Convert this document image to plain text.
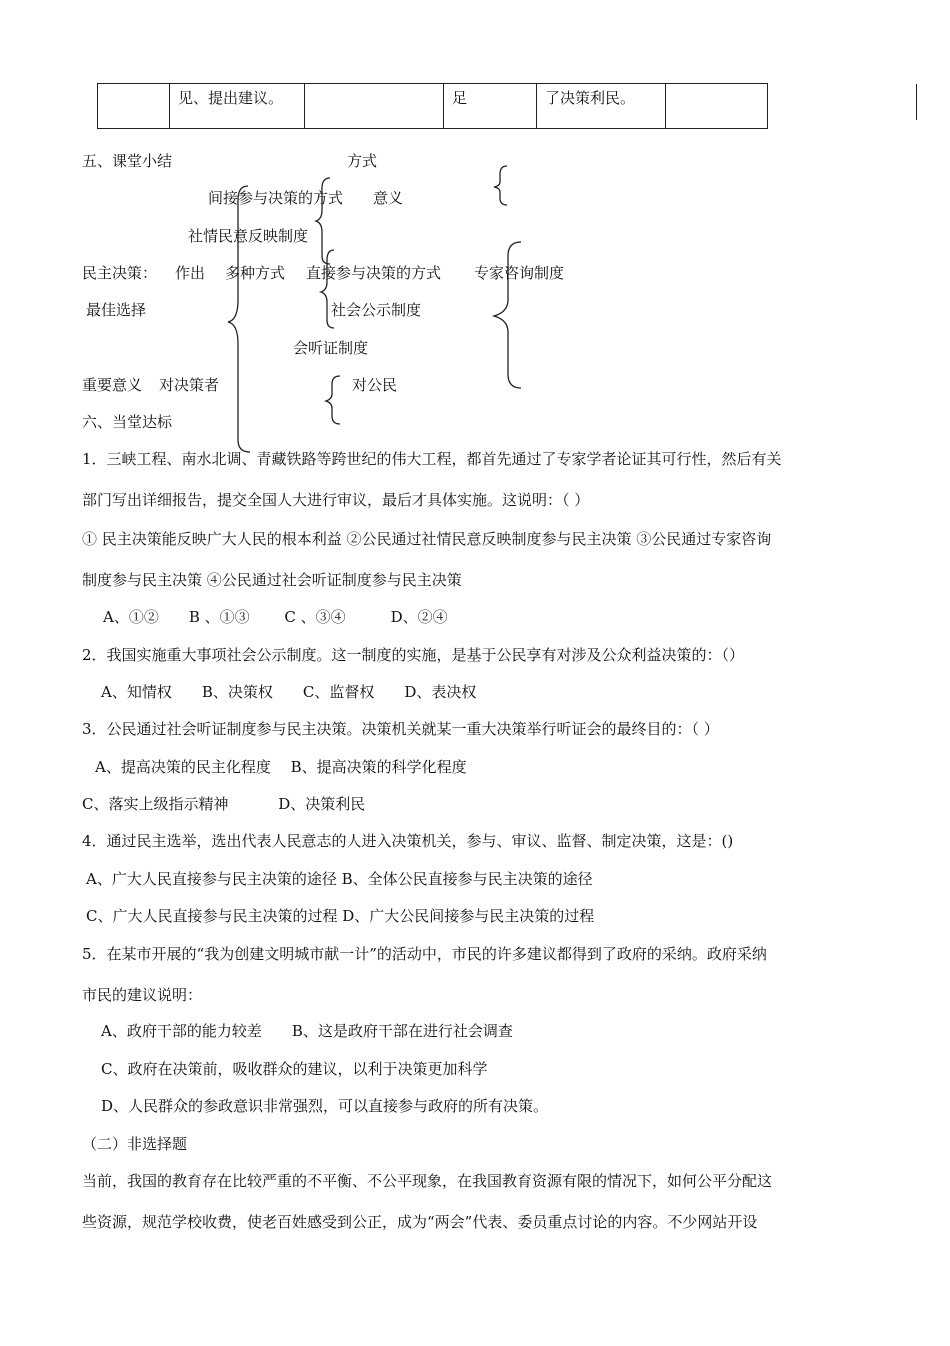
	见、提出建议。		足	了决策利民。	
五、课堂小结	方式
间接参与决策的方式 意义
社情民意反映制度
民主决策： 作出 多种方式 直接参与决策的方式 专家咨询制度
最佳选择	社会公示制度
会听证制度
重要意义 对决策者	对公民
六、当堂达标
1．三峡工程、南水北调、青藏铁路等跨世纪的伟大工程，都首先通过了专家学者论证其可行性，然后有关
部门写出详细报告，提交全国人大进行审议，最后才具体实施。这说明：（ ）
① 民主决策能反映广大人民的根本利益 ②公民通过社情民意反映制度参与民主决策 ③公民通过专家咨询
制度参与民主决策 ④公民通过社会听证制度参与民主决策
A、①②　　B 、①③　　 C 、③④　　　D、②④
2．我国实施重大事项社会公示制度。这一制度的实施，是基于公民享有对涉及公众利益决策的：（）
A、知情权　　B、决策权　　C、监督权　　D、表决权
3．公民通过社会听证制度参与民主决策。决策机关就某一重大决策举行听证会的最终目的：（ ）
A、提高决策的民主化程度　 B、提高决策的科学化程度
C、落实上级指示精神　　　 D、决策利民
4．通过民主选举，选出代表人民意志的人进入决策机关，参与、审议、监督、制定决策，这是：()
A、广大人民直接参与民主决策的途径 B、全体公民直接参与民主决策的途径
C、广大人民直接参与民主决策的过程 D、广大公民间接参与民主决策的过程
5．在某市开展的“我为创建文明城市献一计”的活动中，市民的许多建议都得到了政府的采纳。政府采纳
市民的建议说明：
A、政府干部的能力较差　　B、这是政府干部在进行社会调查
C、政府在决策前，吸收群众的建议，以利于决策更加科学
D、人民群众的参政意识非常强烈，可以直接参与政府的所有决策。
（二）非选择题
当前，我国的教育存在比较严重的不平衡、不公平现象，在我国教育资源有限的情况下，如何公平分配这
些资源，规范学校收费，使老百姓感受到公正，成为“两会”代表、委员重点讨论的内容。不少网站开设
